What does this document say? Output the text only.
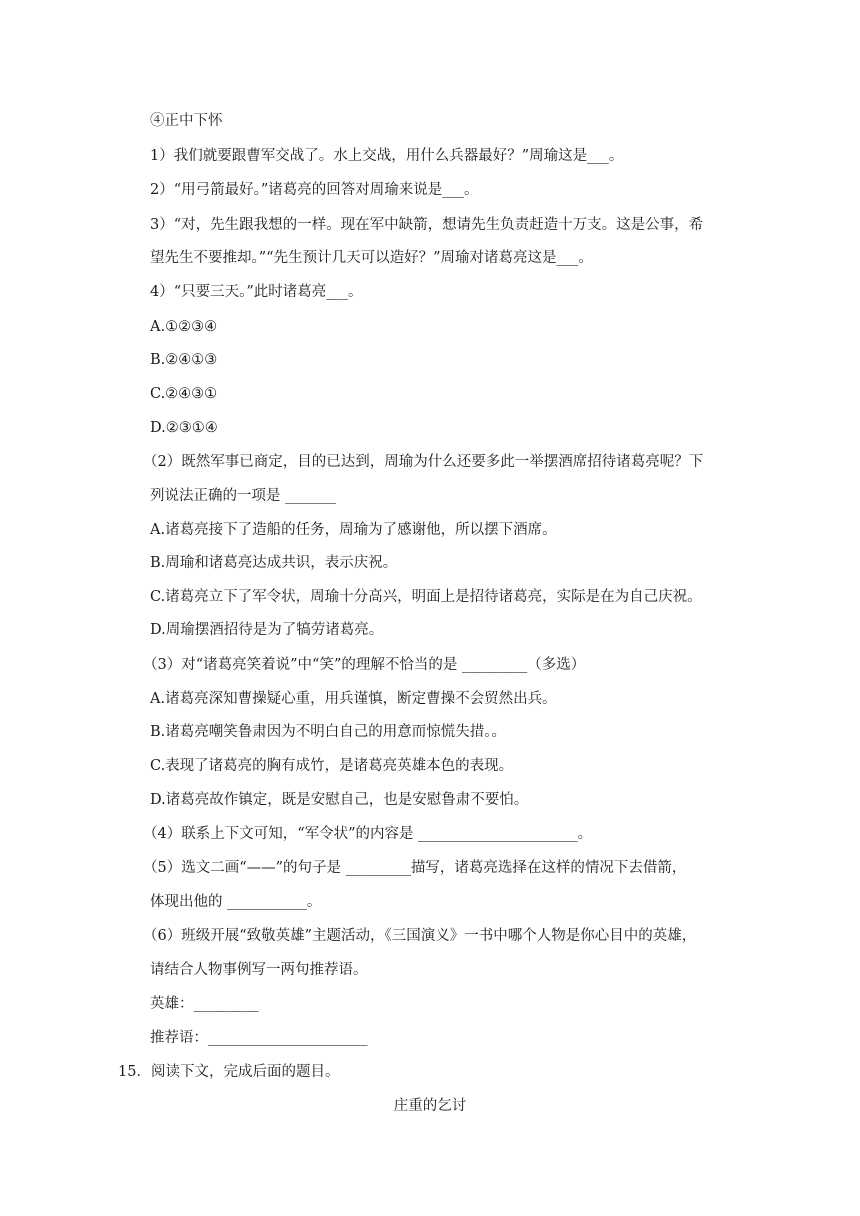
④正中下怀
1）我们就要跟曹军交战了。水上交战，用什么兵器最好？”周瑜这是___。
2）“用弓箭最好。”诸葛亮的回答对周瑜来说是___。
3）“对，先生跟我想的一样。现在军中缺箭，想请先生负责赶造十万支。这是公事，希
望先生不要推却。”“先生预计几天可以造好？”周瑜对诸葛亮这是___。
4）“只要三天。”此时诸葛亮___。
A.①②③④
B.②④①③
C.②④③①
D.②③①④
（2）既然军事已商定，目的已达到，周瑜为什么还要多此一举摆酒席招待诸葛亮呢？下
列说法正确的一项是 _______
A.诸葛亮接下了造船的任务，周瑜为了感谢他，所以摆下酒席。
B.周瑜和诸葛亮达成共识，表示庆祝。
C.诸葛亮立下了军令状，周瑜十分高兴，明面上是招待诸葛亮，实际是在为自己庆祝。
D.周瑜摆酒招待是为了犒劳诸葛亮。
（3）对“诸葛亮笑着说”中“笑”的理解不恰当的是 _________（多选）
A.诸葛亮深知曹操疑心重，用兵谨慎，断定曹操不会贸然出兵。
B.诸葛亮嘲笑鲁肃因为不明白自己的用意而惊慌失措。。
C.表现了诸葛亮的胸有成竹，是诸葛亮英雄本色的表现。
D.诸葛亮故作镇定，既是安慰自己，也是安慰鲁肃不要怕。
（4）联系上下文可知，“军令状”的内容是 ______________________。
（5）选文二画“——”的句子是 _________描写，诸葛亮选择在这样的情况下去借箭，
体现出他的 ___________。
（6）班级开展“致敬英雄”主题活动，《三国演义》一书中哪个人物是你心目中的英雄，
请结合人物事例写一两句推荐语。
英雄：_________
推荐语：______________________
15．阅读下文，完成后面的题目。
庄重的乞讨
